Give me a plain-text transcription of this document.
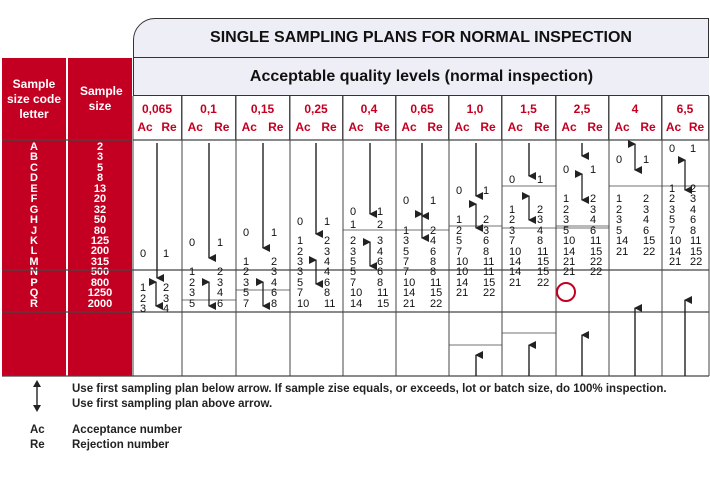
SINGLE SAMPLING PLANS FOR NORMAL INSPECTION
Acceptable quality levels (normal inspection)
Sample size code letter
Sample size	0,065
Ac Re
0,1
Ac Re
0,15
Ac Re
0,25
Ac Re
0,4
Ac Re
0,65
Ac Re
1,0
Ac Re
1,5
Ac Re
2,5
Ac Re
4
Ac Re
6,5
Ac Re
A
B
C
D
E
F
G
H
J
K
L
M
N
P
Q
R
2
3
5
8
13
20
32
50
80
125
200
315
500
800
1250
2000
1 2
2 3
3 4
1 2
2 3
3 4
5 6
2 3
3 4
5 6
7 8
3 4
5 6
7 8
10 11
5 6
7 8
10 11
14 15
7 8
10 11
14 15
21 22
10 11
14 15
21 22
14 15
21 22
21 22
1 2
2 3
3 4
2 3
3 4
5 6
3 4
5 6
7 8
5 6
7 8
10 11
7 8
10 11
14 15
10 11
14 15
21 22
14 15
21 22
1 2
1 2 1 2
1 2
2 3
1 2
2 3
3 4
1 2
2 3
3 4
5 6
1 2
2 3
3 4
5 6
1 2
2 3
3 4
5 6
7 8
10 11
14 15
21 22
0 1
0 1
0 1
0 1
0 1
0 1
0 1
0 1
0 1
0 1
0 1
Use first sampling plan below arrow. If sample zise equals, or exceeds, lot or batch size, do 100% inspection.
Use first sampling plan above arrow.
Ac Acceptance number
Re Rejection number
